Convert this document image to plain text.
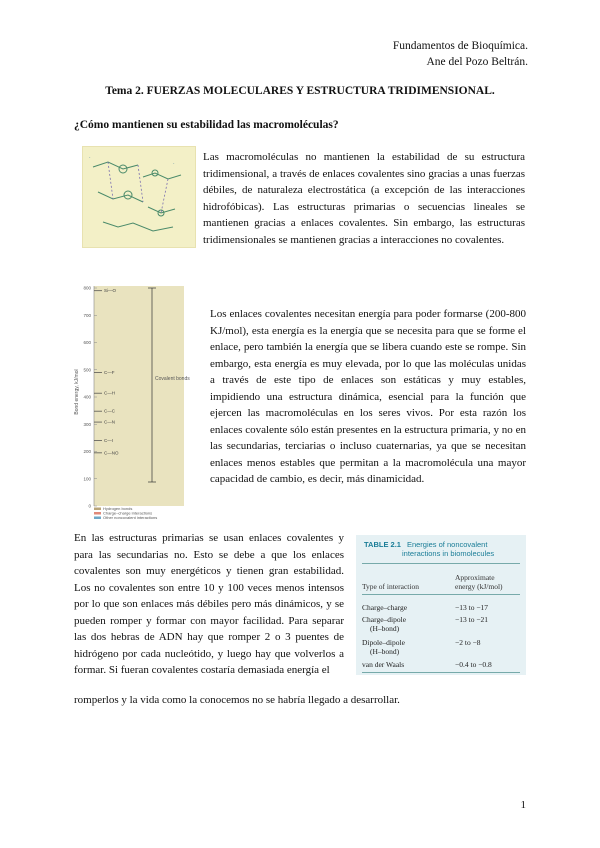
Fundamentos de Bioquímica.
Ane del Pozo Beltrán.
Tema 2. FUERZAS MOLECULARES Y ESTRUCTURA TRIDIMENSIONAL.
¿Cómo mantienen su estabilidad las macromoléculas?
·
·
Las macromoléculas no mantienen la estabilidad de su estructura tridimensional, a través de enlaces covalentes sino gracias a unas fuerzas débiles, de naturaleza electrostática (a excepción de las interacciones hidrofóbicas). Las estructuras primarias o secuencias lineales se mantienen gracias a enlaces covalentes. Sin embargo, las estructuras tridimensionales se mantienen gracias a interacciones no covalentes.
800
700
600
500
400
300
200
100
0
Si—O
C—F
C—H
C—C
C—N
C—I
C—NO
Covalent bonds
Bond energy, kJ/mol
Hydrogen bonds
Charge–charge interactions
Other noncovalent interactions
Los enlaces covalentes necesitan energía para poder formarse (200-800 KJ/mol), esta energía es la energía que se necesita para que se forme el enlace, pero también la energía que se libera cuando este se rompe. Sin embargo, esta energía es muy elevada, por lo que las moléculas unidas a través de este tipo de enlaces son estáticas y muy estables, impidiendo una estructura dinámica, esencial para la función que ejercen las macromoléculas en los seres vivos. Por esta razón los enlaces covalente sólo están presentes en la estructura primaria, y no en las secundarias, terciarias o incluso cuaternarias, ya que se necesitan enlaces menos estables que permitan a la macromolécula una mayor capacidad de cambio, es decir, más dinamicidad.
En las estructuras primarias se usan enlaces covalentes y para las secundarias no. Esto se debe a que los enlaces covalentes son muy energéticos y tienen gran estabilidad. Los no covalentes son entre 10 y 100 veces menos intensos por lo que son enlaces más débiles pero más dinámicos, y se pueden romper y formar con mayor facilidad. Para separar las dos hebras de ADN hay que romper 2 o 3 puentes de hidrógeno por cada nucleótido, y luego hay que volverlos a formar. Si fueran covalentes costaría demasiada energía el
TABLE 2.1 Energies of noncovalent
interactions in biomolecules
Type of interaction
Approximate
energy (kJ/mol)
Charge–charge	−13 to −17
Charge–dipole
(H–bond)
−13 to −21
Dipole–dipole
(H–bond)
−2 to −8
van der Waals	−0.4 to −0.8
romperlos y la vida como la conocemos no se habría llegado a desarrollar.
1
